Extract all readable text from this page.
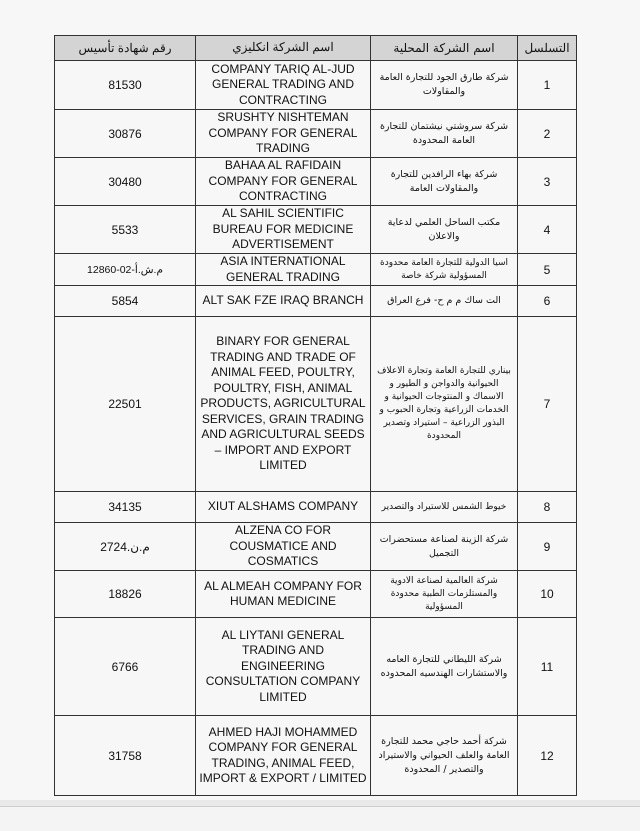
رقم شهادة تأسيس	اسم الشركة انكليزي	اسم الشركة المحلية	التسلسل
81530	COMPANY TARIQ AL-JUD GENERAL TRADING AND CONTRACTING	شركة طارق الجود للتجارة العامة والمقاولات	1
30876	SRUSHTY NISHTEMAN COMPANY FOR GENERAL TRADING	شركة سروشتي نيشتمان للتجارة العامة المحدودة	2
30480	BAHAA AL RAFIDAIN COMPANY FOR GENERAL CONTRACTING	شركة بهاء الرافدين للتجارة والمقاولات العامة	3
5533	AL SAHIL SCIENTIFIC BUREAU FOR MEDICINE ADVERTISEMENT	مكتب الساحل العلمي لدعاية والاعلان	4
م.ش.أ-02-12860	ASIA INTERNATIONAL GENERAL TRADING	اسيا الدولية للتجارة العامة محدودة المسؤولية شركة خاصة	5
5854	ALT SAK FZE IRAQ BRANCH	الت ساك م م ح- فرع العراق	6
22501	BINARY FOR GENERAL TRADING AND TRADE OF ANIMAL FEED, POULTRY, POULTRY, FISH, ANIMAL PRODUCTS, AGRICULTURAL SERVICES, GRAIN TRADING AND AGRICULTURAL SEEDS – IMPORT AND EXPORT LIMITED	بيناري للتجارة العامة وتجارة الاعلاف الحيوانية والدواجن و الطيور و الاسماك و المنتوجات الحيوانية و الخدمات الزراعية وتجارة الحبوب و البذور الزراعية – استيراد وتصدير المحدودة	7
34135	XIUT ALSHAMS COMPANY	خيوط الشمس للاستيراد والتصدير	8
م.ن.2724	ALZENA CO FOR COUSMATICE AND COSMATICS	شركة الزينة لصناعة مستحضرات التجميل	9
18826	AL ALMEAH COMPANY FOR HUMAN MEDICINE	شركة العالمية لصناعة الادوية والمستلزمات الطبية محدودة المسؤولية	10
6766	AL LIYTANI GENERAL TRADING AND ENGINEERING CONSULTATION COMPANY LIMITED	شركة الليطاني للتجارة العامه والاستشارات الهندسيه المحدوده	11
31758	AHMED HAJI MOHAMMED COMPANY FOR GENERAL TRADING, ANIMAL FEED, IMPORT & EXPORT / LIMITED	شركة أحمد حاجي محمد للتجارة العامة والعلف الحيواني والاستيراد والتصدير / المحدودة	12
